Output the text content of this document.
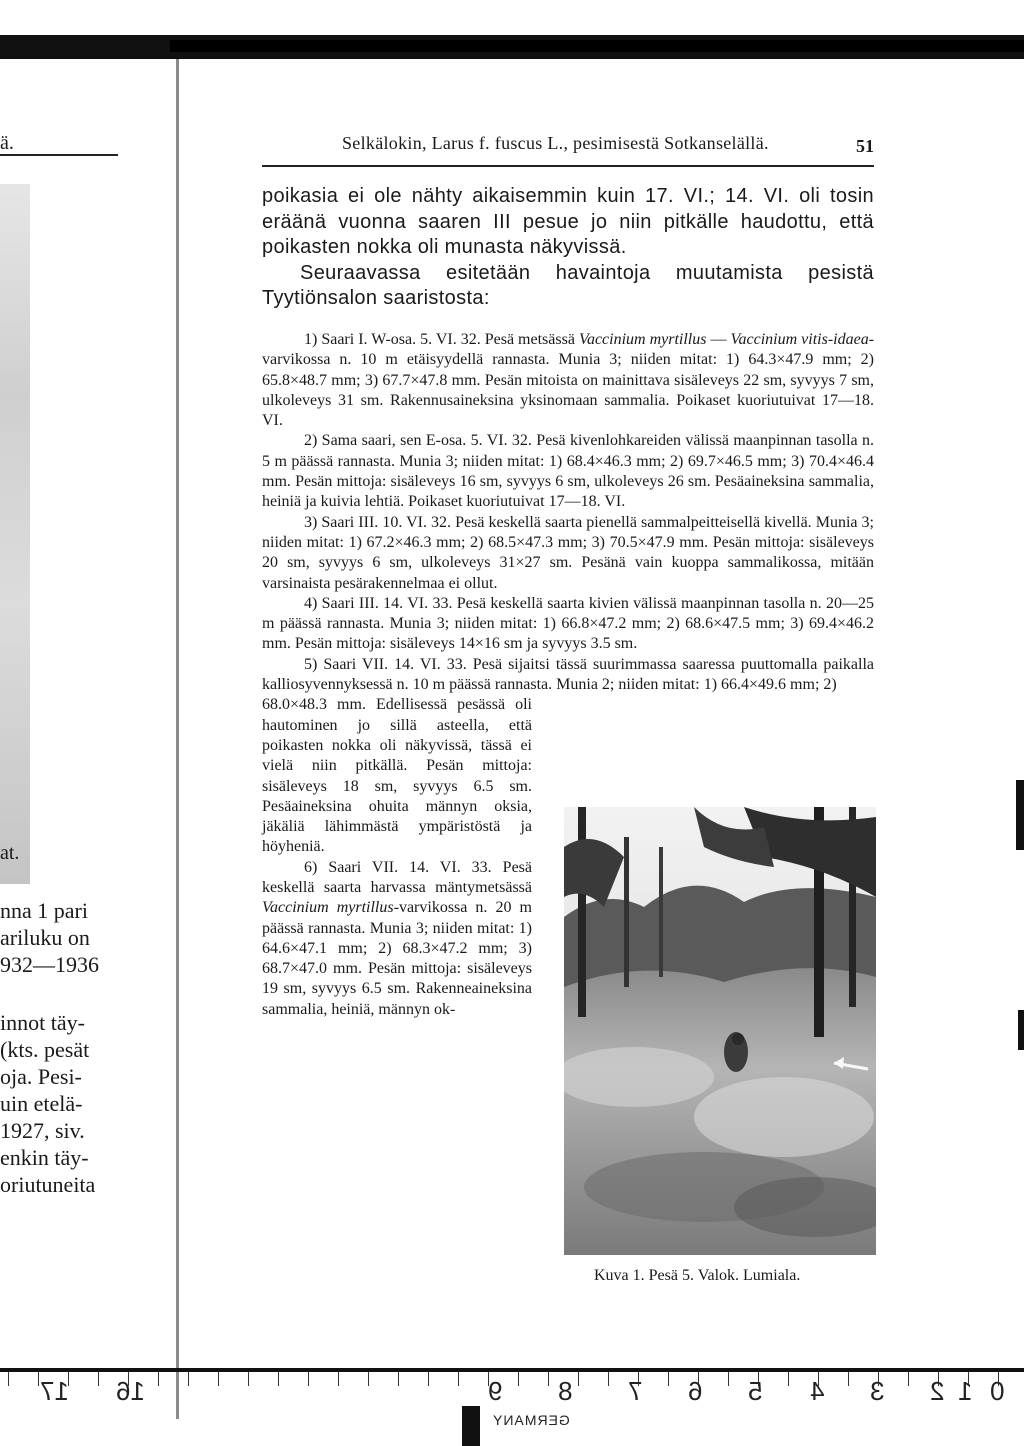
ä.
at.
nna 1 pari
ariluku on
932—1936
innot täy-
(kts. pesät
oja. Pesi-
uin etelä-
1927, siv.
enkin täy-
oriutuneita
Selkälokin, Larus f. fuscus L., pesimisestä Sotkanselällä.	51

poikasia ei ole nähty aikaisemmin kuin 17. VI.; 14. VI. oli tosin eräänä vuonna saaren III pesue jo niin pitkälle haudottu, että poikasten nokka oli munasta näkyvissä.

Seuraavassa esitetään havaintoja muutamista pesistä Tyytiönsalon saaristosta:

1) Saari I. W-osa. 5. VI. 32. Pesä metsässä Vaccinium myrtillus — Vaccinium vitis-idaea-varvikossa n. 10 m etäisyydellä rannasta. Munia 3; niiden mitat: 1) 64.3×47.9 mm; 2) 65.8×48.7 mm; 3) 67.7×47.8 mm. Pesän mitoista on mainittava sisäleveys 22 sm, syvyys 7 sm, ulkoleveys 31 sm. Rakennusaineksina yksinomaan sammalia. Poikaset kuoriutuivat 17—18. VI.

2) Sama saari, sen E-osa. 5. VI. 32. Pesä kivenlohkareiden välissä maanpinnan tasolla n. 5 m päässä rannasta. Munia 3; niiden mitat: 1) 68.4×46.3 mm; 2) 69.7×46.5 mm; 3) 70.4×46.4 mm. Pesän mittoja: sisäleveys 16 sm, syvyys 6 sm, ulkoleveys 26 sm. Pesäaineksina sammalia, heiniä ja kuivia lehtiä. Poikaset kuoriutuivat 17—18. VI.

3) Saari III. 10. VI. 32. Pesä keskellä saarta pienellä sammalpeitteisellä kivellä. Munia 3; niiden mitat: 1) 67.2×46.3 mm; 2) 68.5×47.3 mm; 3) 70.5×47.9 mm. Pesän mittoja: sisäleveys 20 sm, syvyys 6 sm, ulkoleveys 31×27 sm. Pesänä vain kuoppa sammalikossa, mitään varsinaista pesärakennelmaa ei ollut.

4) Saari III. 14. VI. 33. Pesä keskellä saarta kivien välissä maanpinnan tasolla n. 20—25 m päässä rannasta. Munia 3; niiden mitat: 1) 66.8×47.2 mm; 2) 68.6×47.5 mm; 3) 69.4×46.2 mm. Pesän mittoja: sisäleveys 14×16 sm ja syvyys 3.5 sm.

5) Saari VII. 14. VI. 33. Pesä sijaitsi tässä suurimmassa saaressa puuttomalla paikalla kalliosyvennyksessä n. 10 m päässä rannasta. Munia 2; niiden mitat: 1) 66.4×49.6 mm; 2)

68.0×48.3 mm. Edellisessä pesässä oli hautominen jo sillä asteella, että poikasten nokka oli näkyvissä, tässä ei vielä niin pitkällä. Pesän mittoja: sisäleveys 18 sm, syvyys 6.5 sm. Pesäaineksina ohuita männyn oksia, jäkäliä lähimmästä ympäristöstä ja höyheniä.

6) Saari VII. 14. VI. 33. Pesä keskellä saarta harvassa mäntymetsässä Vaccinium myrtillus-varvikossa n. 20 m päässä rannasta. Munia 3; niiden mitat: 1) 64.6×47.1 mm; 2) 68.3×47.2 mm; 3) 68.7×47.0 mm. Pesän mittoja: sisäleveys 19 sm, syvyys 6.5 sm. Rakenneaineksina sammalia, heiniä, männyn ok-

Kuva 1. Pesä 5. Valok. Lumiala.
17 16	9 8 7 6 5 4 3 2 1 0
GERMANY
